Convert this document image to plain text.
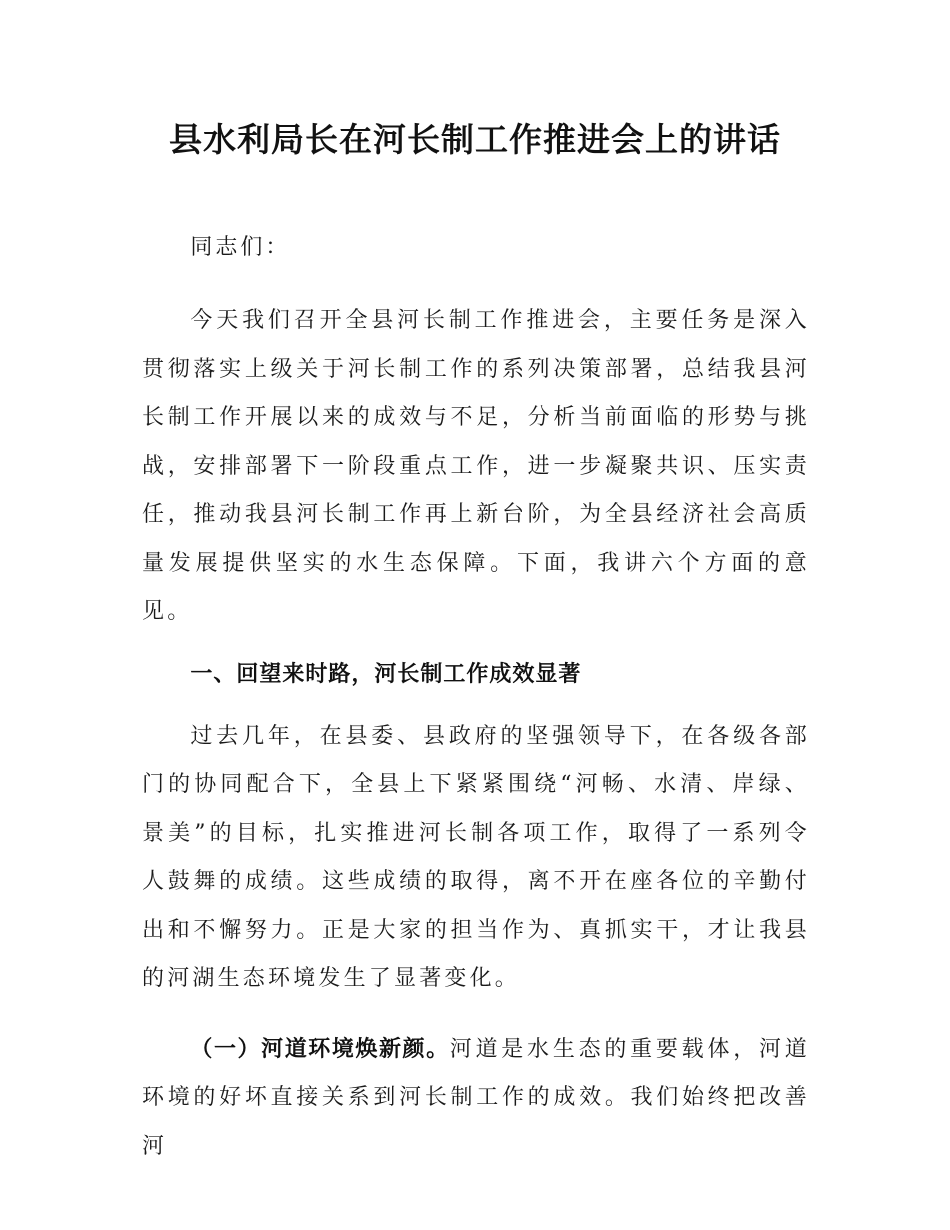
县水利局长在河长制工作推进会上的讲话

同志们：

今天我们召开全县河长制工作推进会，主要任务是深入贯彻落实上级关于河长制工作的系列决策部署，总结我县河长制工作开展以来的成效与不足，分析当前面临的形势与挑战，安排部署下一阶段重点工作，进一步凝聚共识、压实责任，推动我县河长制工作再上新台阶，为全县经济社会高质量发展提供坚实的水生态保障。下面，我讲六个方面的意见。

一、回望来时路，河长制工作成效显著

过去几年，在县委、县政府的坚强领导下，在各级各部门的协同配合下，全县上下紧紧围绕“河畅、水清、岸绿、景美”的目标，扎实推进河长制各项工作，取得了一系列令人鼓舞的成绩。这些成绩的取得，离不开在座各位的辛勤付出和不懈努力。正是大家的担当作为、真抓实干，才让我县的河湖生态环境发生了显著变化。

（一）河道环境焕新颜。河道是水生态的重要载体，河道环境的好坏直接关系到河长制工作的成效。我们始终把改善河
